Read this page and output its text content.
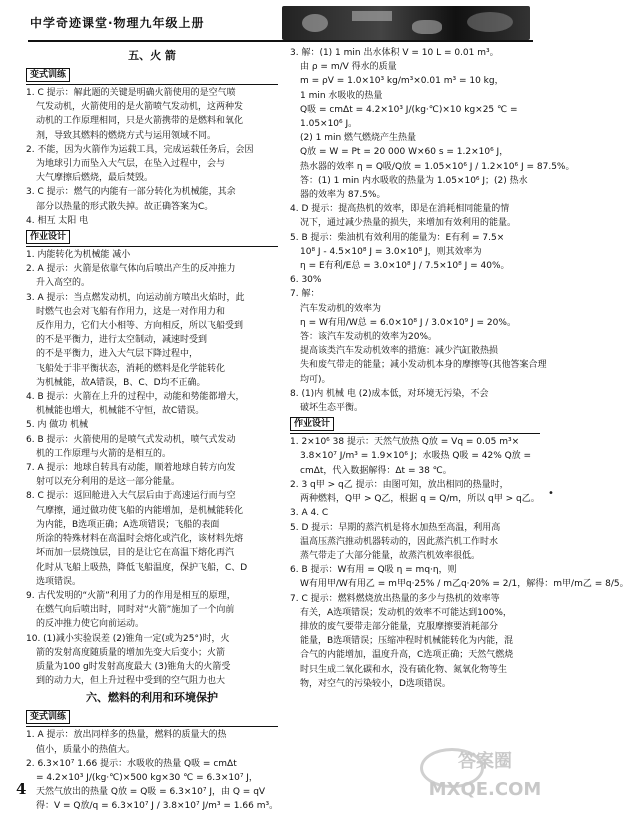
中学奇迹课堂·物理九年级上册
五、火 箭
变式训练
1. C 提示：解此题的关键是明确火箭使用的是空气喷
气发动机，火箭使用的是火箭喷气发动机，这两种发
动机的工作原理相同，只是火箭携带的是燃料和氧化
剂，导致其燃料的燃烧方式与运用领域不同。
2. 不能，因为火箭作为运载工具，完成运载任务后，会因
为地球引力而坠入大气层，在坠入过程中，会与
大气摩擦后燃烧，最后焚毁。
3. C 提示：燃气的内能有一部分转化为机械能，其余
部分以热量的形式散失掉。故正确答案为C。
4. 相互 太阳 电
作业设计
1. 内能转化为机械能 减小
2. A 提示：火箭是依靠气体向后喷出产生的反冲推力
升入高空的。
3. A 提示：当点燃发动机，向运动前方喷出火焰时，此
时燃气也会对飞船有作用力，这是一对作用力和
反作用力，它们大小相等、方向相反，所以飞船受到
的不是平衡力，进行太空制动，减速时受到
的不是平衡力，进入大气层下降过程中，
飞船处于非平衡状态，消耗的燃料是化学能转化
为机械能，故A错误，B、C、D均不正确。
4. B 提示：火箭在上升的过程中，动能和势能都增大，
机械能也增大，机械能不守恒，故C错误。
5. 内 做功 机械
6. B 提示：火箭使用的是喷气式发动机，喷气式发动
机的工作原理与火箭的是相互的。
7. A 提示：地球自转具有动能，顺着地球自转方向发
射可以充分利用的是这一部分能量。
8. C 提示：返回舱进入大气层后由于高速运行而与空
气摩擦，通过做功使飞船的内能增加，是机械能转化
为内能，B选项正确；A选项错误；飞船的表面
所涂的特殊材料在高温时会熔化或汽化，该材料先熔
坏而加一层烧蚀层，目的是让它在高温下熔化再汽
化时从飞船上吸热，降低飞船温度，保护飞船，C、D
选项错误。
9. 古代发明的“火箭”利用了力的作用是相互的原理，
在燃气向后喷出时，同时对“火箭”施加了一个向前
的反冲推力使它向前运动。
10. (1)减小实验误差 (2)锥角一定(或为25°)时，火
箭的发射高度随质量的增加先变大后变小；火箭
质量为100 g时发射高度最大 (3)锥角大的火箭受
到的动力大，但上升过程中受到的空气阻力也大
六、燃料的利用和环境保护
变式训练
1. A 提示：放出同样多的热量，燃料的质量大的热
值小，质量小的热值大。
2. 6.3×10⁷ 1.66 提示：水吸收的热量 Q吸 = cmΔt
= 4.2×10³ J/(kg·℃)×500 kg×30 ℃ = 6.3×10⁷ J，
天然气放出的热量 Q放 = Q吸 = 6.3×10⁷ J，由 Q = qV
得：V = Q放/q = 6.3×10⁷ J / 3.8×10⁷ J/m³ = 1.66 m³。
3. 解：(1) 1 min 出水体积 V = 10 L = 0.01 m³。
由 ρ = m/V 得水的质量
m = ρV = 1.0×10³ kg/m³×0.01 m³ = 10 kg，
1 min 水吸收的热量
Q吸 = cmΔt = 4.2×10³ J/(kg·℃)×10 kg×25 ℃ =
1.05×10⁶ J。
(2) 1 min 燃气燃烧产生热量
Q放 = W = Pt = 20 000 W×60 s = 1.2×10⁶ J，
热水器的效率 η = Q吸/Q放 = 1.05×10⁶ J / 1.2×10⁶ J = 87.5%。
答：(1) 1 min 内水吸收的热量为 1.05×10⁶ J；(2) 热水
器的效率为 87.5%。
4. D 提示：提高热机的效率，即是在消耗相同能量的情
况下，通过减少热量的损失，来增加有效利用的能量。
5. B 提示：柴油机有效利用的能量为：E有利 = 7.5×
10⁸ J - 4.5×10⁸ J = 3.0×10⁸ J，则其效率为
η = E有利/E总 = 3.0×10⁸ J / 7.5×10⁸ J = 40%。
6. 30%
7. 解：
汽车发动机的效率为
η = W有用/W总 = 6.0×10⁸ J / 3.0×10⁹ J = 20%。
答：该汽车发动机的效率为20%。
提高该类汽车发动机效率的措施：减少汽缸散热损
失和废气带走的能量；减小发动机本身的摩擦等(其他答案合理
均可)。
8. (1)内 机械 电 (2)成本低，对环境无污染，不会
破坏生态平衡。
作业设计
1. 2×10⁶ 38 提示：天然气放热 Q放 = Vq = 0.05 m³×
3.8×10⁷ J/m³ = 1.9×10⁶ J；水吸热 Q吸 = 42% Q放 =
cmΔt，代入数据解得：Δt = 38 ℃。
2. 3 q甲 > q乙 提示：由图可知，放出相同的热量时，
两种燃料，Q甲 > Q乙，根据 q = Q/m，所以 q甲 > q乙。
3. A 4. C
5. D 提示：早期的蒸汽机是将水加热至高温，利用高
温高压蒸汽推动机器转动的，因此蒸汽机工作时水
蒸气带走了大部分能量，故蒸汽机效率很低。
6. B 提示：W有用 = Q吸 η = mq·η，则
W有用甲/W有用乙 = m甲q·25% / m乙q·20% = 2/1，解得：m甲/m乙 = 8/5。
7. C 提示：燃料燃烧放出热量的多少与热机的效率等
有关，A选项错误；发动机的效率不可能达到100%，
排放的废气要带走部分能量，克服摩擦要消耗部分
能量，B选项错误；压缩冲程时机械能转化为内能，混
合气的内能增加，温度升高，C选项正确；天然气燃烧
时只生成二氧化碳和水，没有硫化物、氮氧化物等生
物，对空气的污染较小，D选项错误。
•
4
答案圈 MXQE.COM
